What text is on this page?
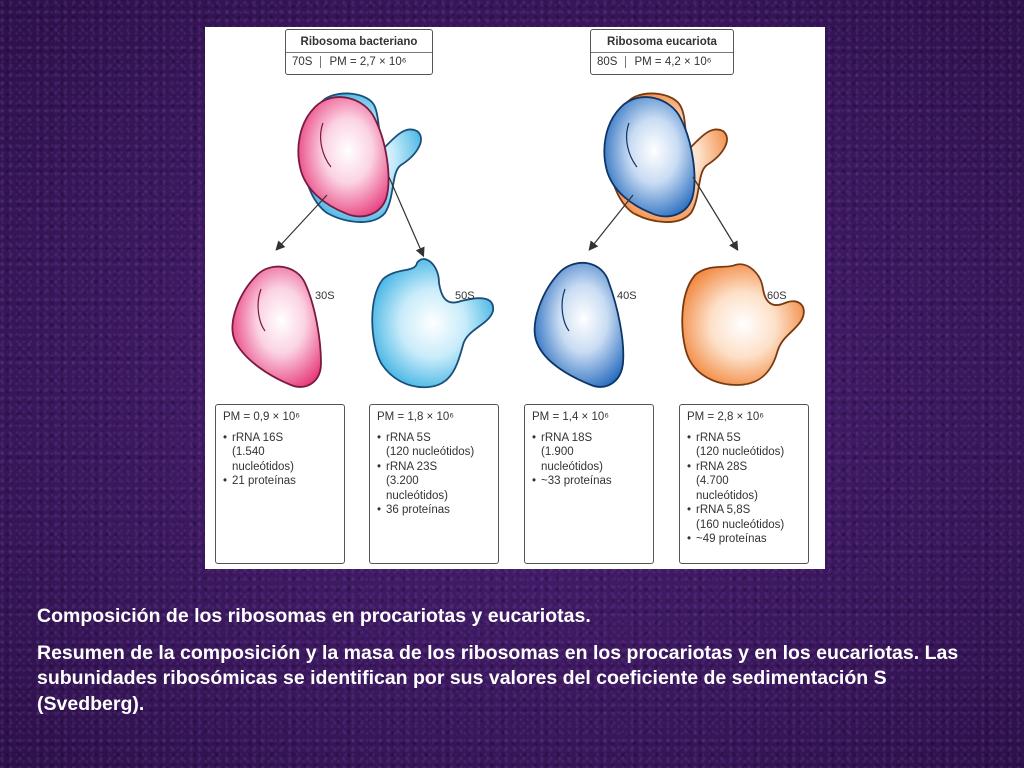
30S	50S	40S	60S
Ribosoma bacteriano
70S	PM = 2,7 × 10⁶
Ribosoma eucariota
80S	PM = 4,2 × 10⁶
PM = 0,9 × 10⁶
• rRNA 16S
(1.540
nucleótidos)
• 21 proteínas
PM = 1,8 × 10⁶
• rRNA 5S
(120 nucleótidos)
• rRNA 23S
(3.200
nucleótidos)
• 36 proteínas
PM = 1,4 × 10⁶
• rRNA 18S
(1.900
nucleótidos)
• ~33 proteínas
PM = 2,8 × 10⁶
• rRNA 5S
(120 nucleótidos)
• rRNA 28S
(4.700
nucleótidos)
• rRNA 5,8S
(160 nucleótidos)
• ~49 proteínas

Composición de los ribosomas en procariotas y eucariotas.

Resumen de la composición y la masa de los ribosomas en los procariotas y en los eucariotas. Las subunidades ribosómicas se identifican por sus valores del coeficiente de sedimentación S (Svedberg).
